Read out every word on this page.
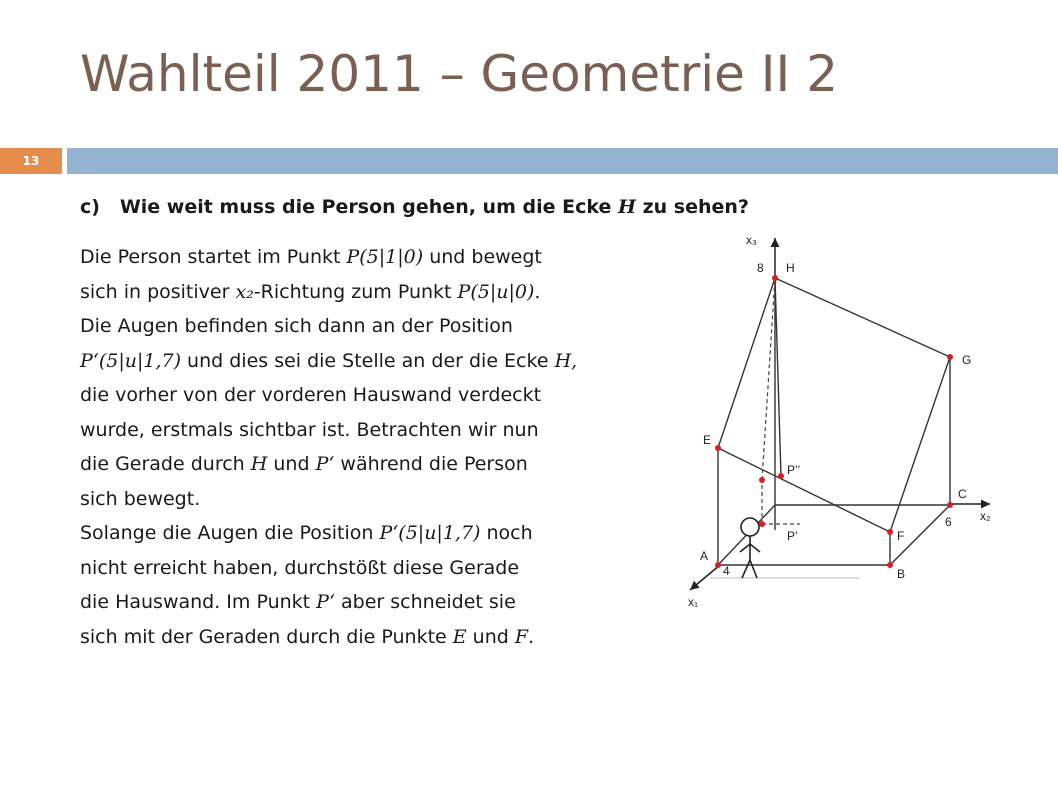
Wahlteil 2011 – Geometrie II 2
13
c) Wie weit muss die Person gehen, um die Ecke H zu sehen?
Die Person startet im Punkt P(5|1|0) und bewegt
sich in positiver x₂-Richtung zum Punkt P(5|u|0).
Die Augen befinden sich dann an der Position
P‘(5|u|1,7) und dies sei die Stelle an der die Ecke H,
die vorher von der vorderen Hauswand verdeckt
wurde, erstmals sichtbar ist. Betrachten wir nun
die Gerade durch H und P‘ während die Person
sich bewegt.
Solange die Augen die Position P‘(5|u|1,7) noch
nicht erreicht haben, durchstößt diese Gerade
die Hauswand. Im Punkt P‘ aber schneidet sie
sich mit der Geraden durch die Punkte E und F.
x₃
8 H
G
E
P’’
C
6 x₂
F
P’
A
4	B
x₁
